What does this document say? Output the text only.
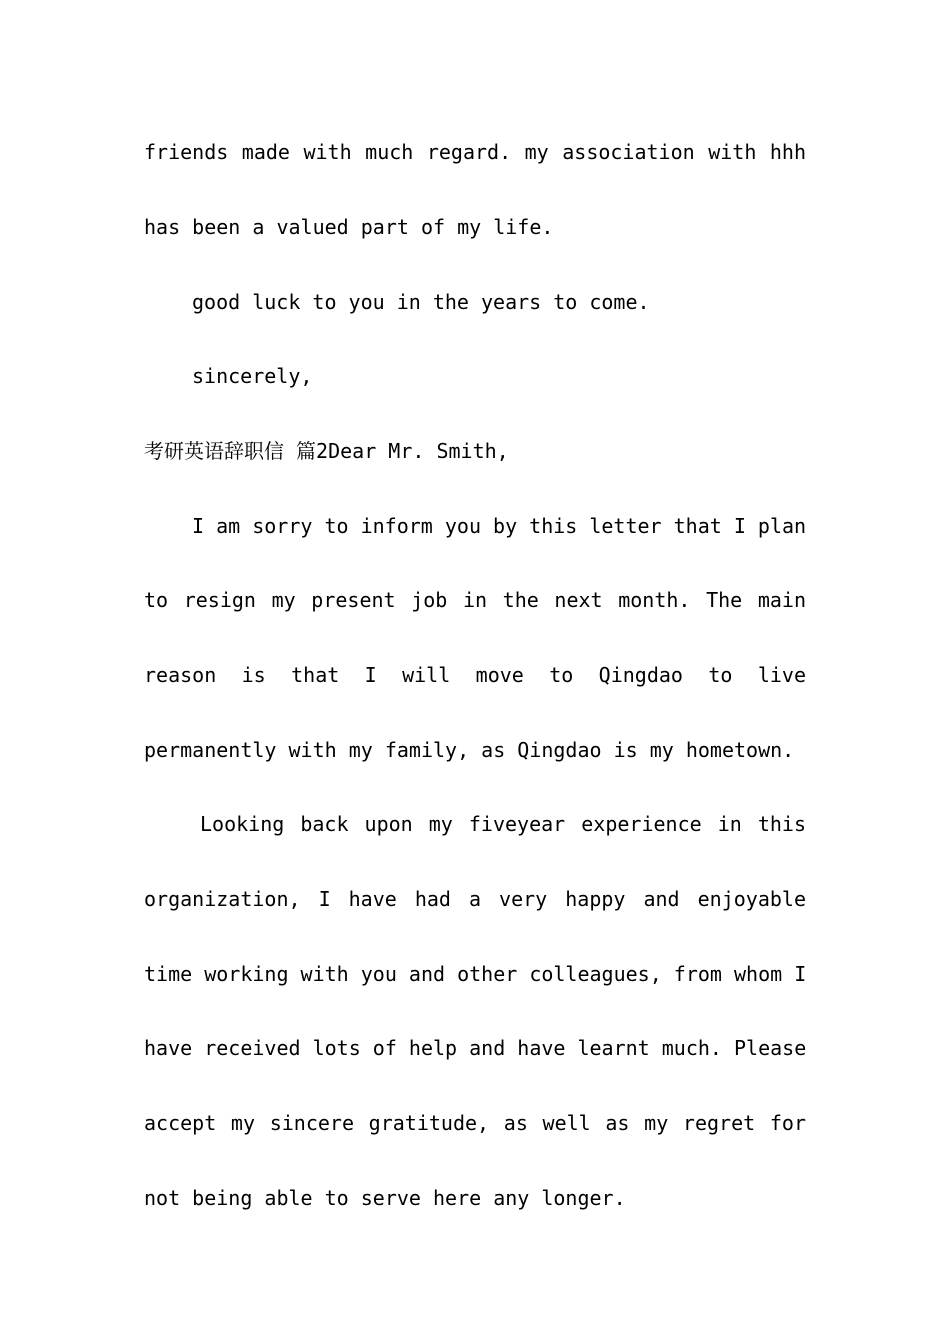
friends made with much regard. my association with hhh
has been a valued part of my life.
good luck to you in the years to come.
sincerely,
考研英语辞职信 篇2Dear Mr. Smith,
I am sorry to inform you by this letter that I plan
to resign my present job in the next month. The main
reason is that I will move to Qingdao to live
permanently with my family, as Qingdao is my hometown.
Looking back upon my fiveyear experience in this
organization, I have had a very happy and enjoyable
time working with you and other colleagues, from whom I
have received lots of help and have learnt much. Please
accept my sincere gratitude, as well as my regret for
not being able to serve here any longer.
